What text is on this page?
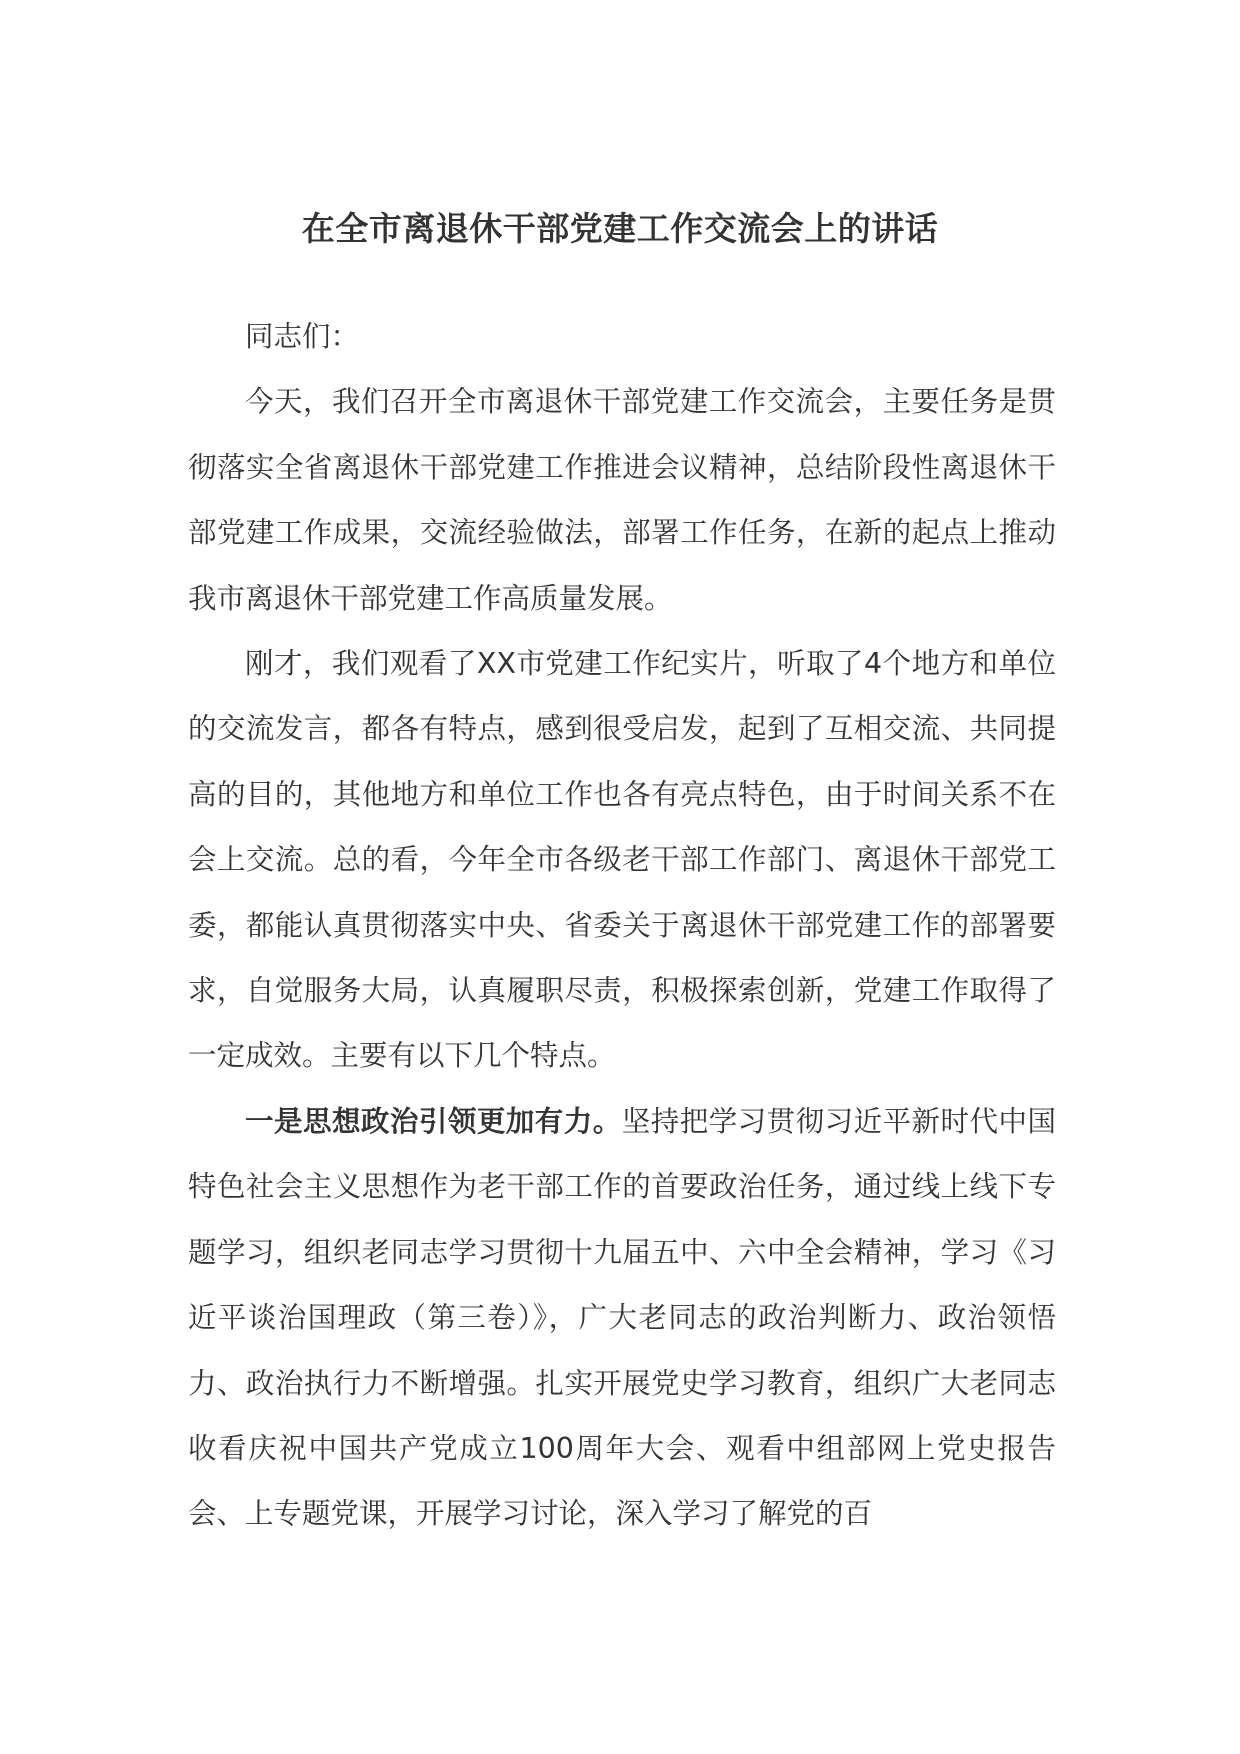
在全市离退休干部党建工作交流会上的讲话

同志们：

今天，我们召开全市离退休干部党建工作交流会，主要任务是贯彻落实全省离退休干部党建工作推进会议精神，总结阶段性离退休干部党建工作成果，交流经验做法，部署工作任务，在新的起点上推动我市离退休干部党建工作高质量发展。

刚才，我们观看了XX市党建工作纪实片，听取了4个地方和单位的交流发言，都各有特点，感到很受启发，起到了互相交流、共同提高的目的，其他地方和单位工作也各有亮点特色，由于时间关系不在会上交流。总的看，今年全市各级老干部工作部门、离退休干部党工委，都能认真贯彻落实中央、省委关于离退休干部党建工作的部署要求，自觉服务大局，认真履职尽责，积极探索创新，党建工作取得了一定成效。主要有以下几个特点。

一是思想政治引领更加有力。坚持把学习贯彻习近平新时代中国特色社会主义思想作为老干部工作的首要政治任务，通过线上线下专题学习，组织老同志学习贯彻十九届五中、六中全会精神，学习《习近平谈治国理政（第三卷）》，广大老同志的政治判断力、政治领悟力、政治执行力不断增强。扎实开展党史学习教育，组织广大老同志收看庆祝中国共产党成立100周年大会、观看中组部网上党史报告会、上专题党课，开展学习讨论，深入学习了解党的百
